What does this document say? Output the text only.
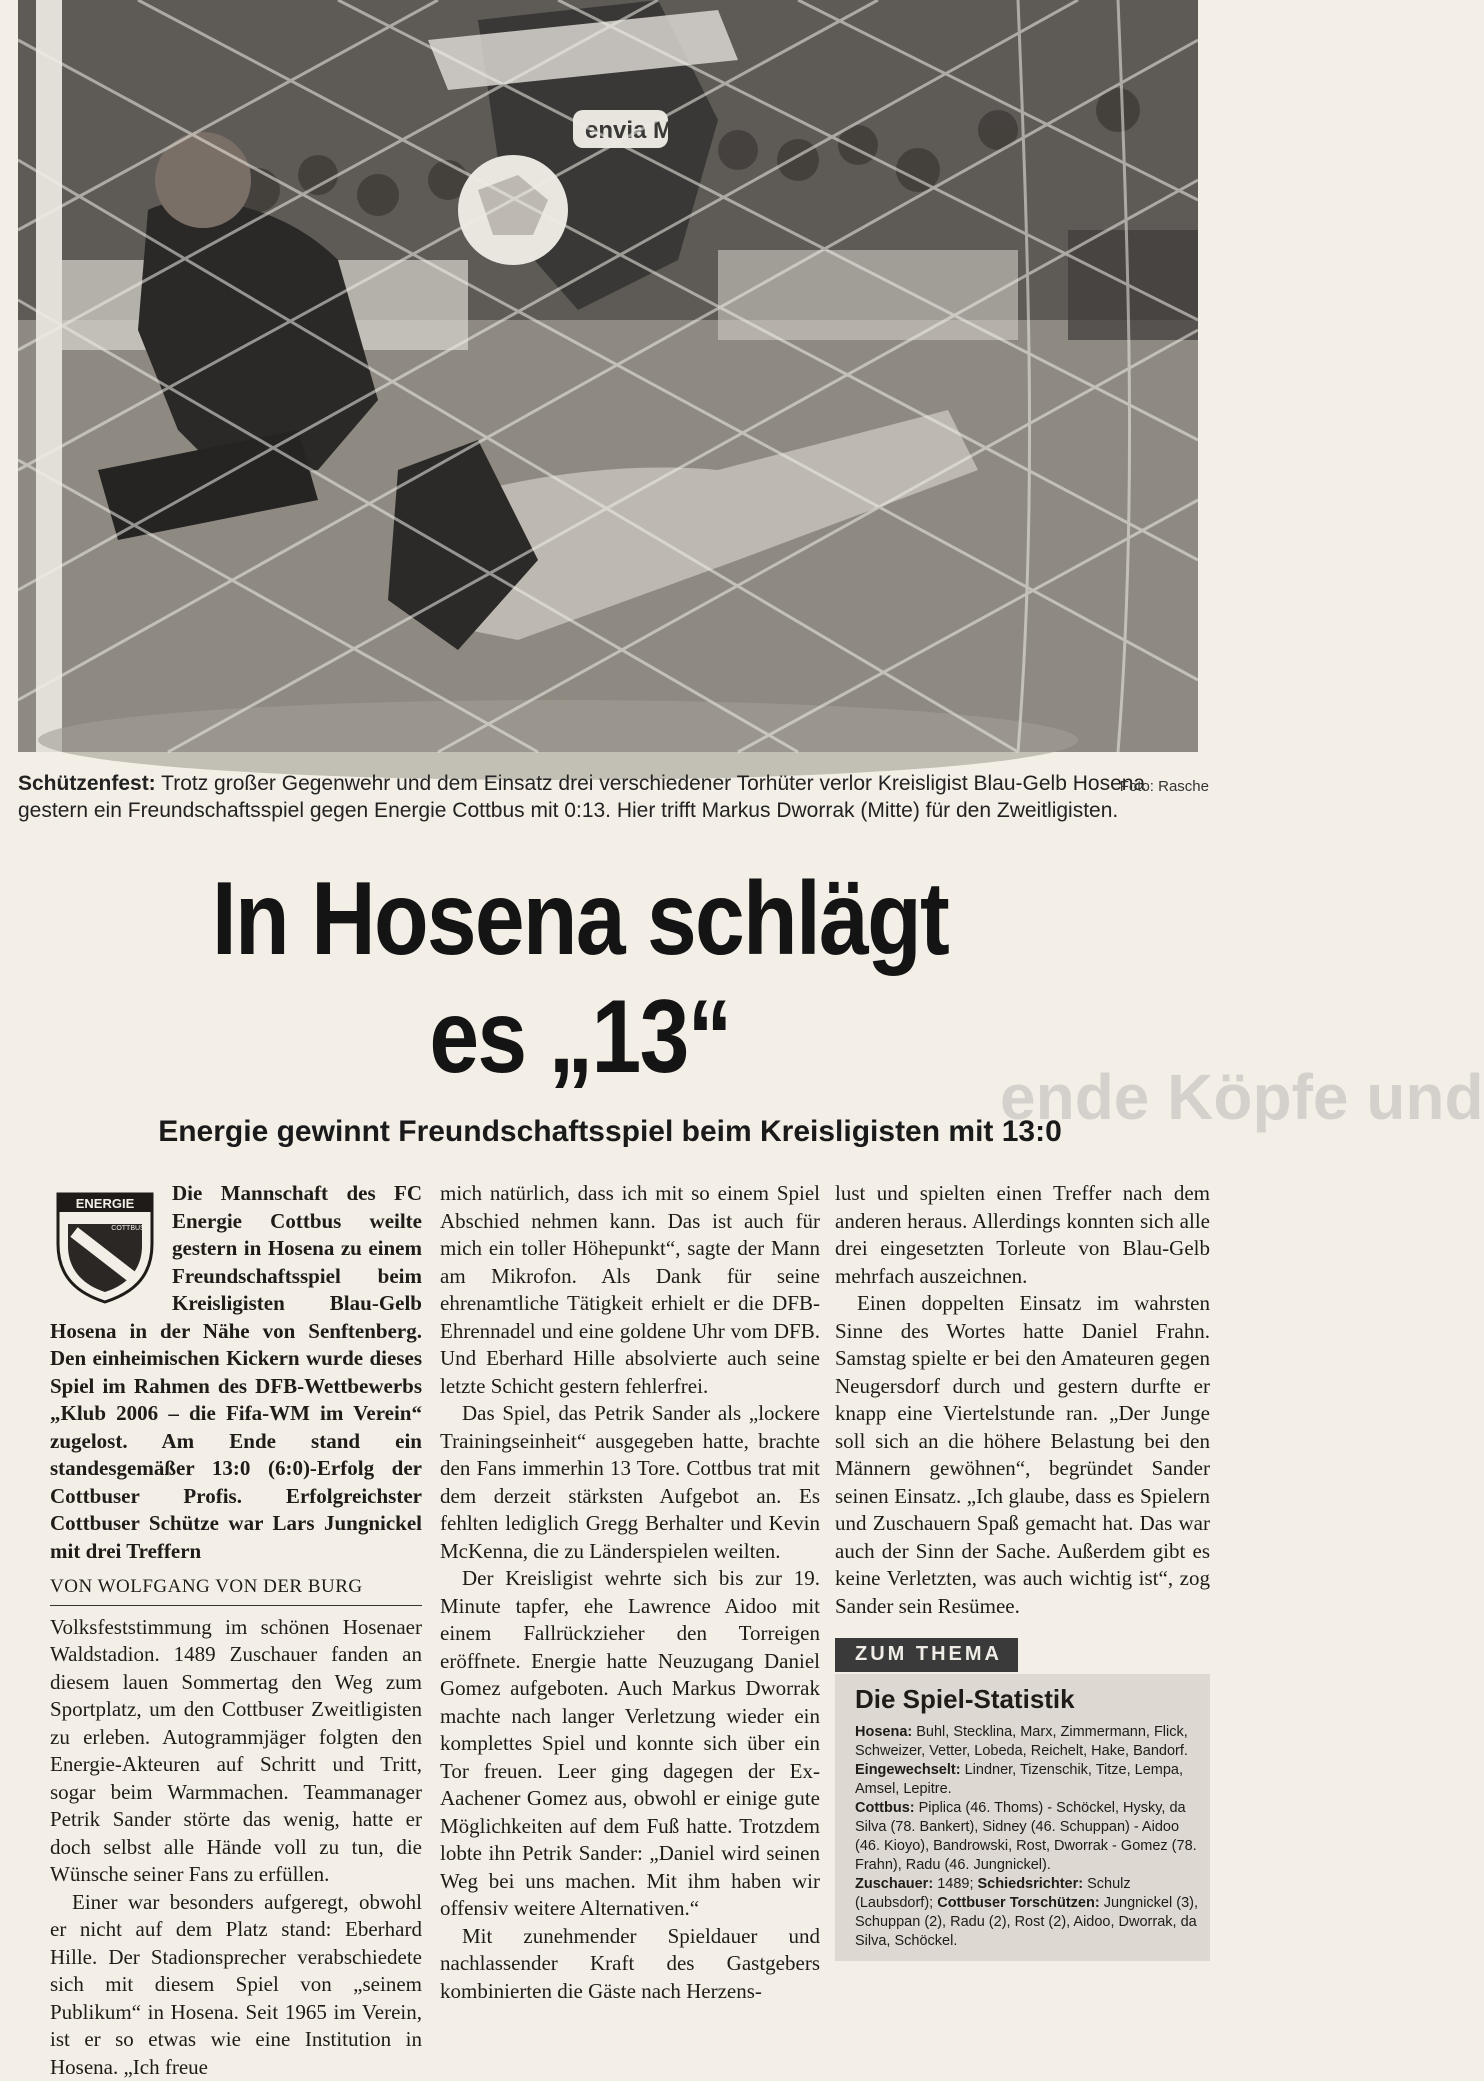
envia M
Schützenfest: Trotz großer Gegenwehr und dem Einsatz drei verschiedener Torhüter verlor Kreisligist Blau-Gelb Hosena gestern ein Freundschaftsspiel gegen Energie Cottbus mit 0:13. Hier trifft Markus Dworrak (Mitte) für den Zweitligisten.
Foto: Rasche
ende Köpfe und
In Hosena schlägt
es „13“
Energie gewinnt Freundschaftsspiel beim Kreisligisten mit 13:0
ENERGIE
COTTBUS
Die Mannschaft des FC Energie Cottbus weilte gestern in Hosena zu einem Freundschaftsspiel beim Kreisligisten Blau-Gelb Hosena in der Nähe von Senftenberg. Den einheimischen Kickern wurde dieses Spiel im Rahmen des DFB-Wettbewerbs „Klub 2006 – die Fifa-WM im Verein“ zugelost. Am Ende stand ein standesgemäßer 13:0 (6:0)-Erfolg der Cottbuser Profis. Erfolgreichster Cottbuser Schütze war Lars Jungnickel mit drei Treffern
VON WOLFGANG VON DER BURG

Volksfeststimmung im schönen Hosenaer Waldstadion. 1489 Zuschauer fanden an diesem lauen Sommertag den Weg zum Sportplatz, um den Cottbuser Zweitligisten zu erleben. Autogrammjäger folgten den Energie-Akteuren auf Schritt und Tritt, sogar beim Warmmachen. Teammanager Petrik Sander störte das wenig, hatte er doch selbst alle Hände voll zu tun, die Wünsche seiner Fans zu erfüllen.

Einer war besonders aufgeregt, obwohl er nicht auf dem Platz stand: Eberhard Hille. Der Stadionsprecher verabschiedete sich mit diesem Spiel von „seinem Publikum“ in Hosena. Seit 1965 im Verein, ist er so etwas wie eine Institution in Hosena. „Ich freue

mich natürlich, dass ich mit so einem Spiel Abschied nehmen kann. Das ist auch für mich ein toller Höhepunkt“, sagte der Mann am Mikrofon. Als Dank für seine ehrenamtliche Tätigkeit erhielt er die DFB-Ehrennadel und eine goldene Uhr vom DFB. Und Eberhard Hille absolvierte auch seine letzte Schicht gestern fehlerfrei.

Das Spiel, das Petrik Sander als „lockere Trainingseinheit“ ausgegeben hatte, brachte den Fans immerhin 13 Tore. Cottbus trat mit dem derzeit stärksten Aufgebot an. Es fehlten lediglich Gregg Berhalter und Kevin McKenna, die zu Länderspielen weilten.

Der Kreisligist wehrte sich bis zur 19. Minute tapfer, ehe Lawrence Aidoo mit einem Fallrückzieher den Torreigen eröffnete. Energie hatte Neuzugang Daniel Gomez aufgeboten. Auch Markus Dworrak machte nach langer Verletzung wieder ein komplettes Spiel und konnte sich über ein Tor freuen. Leer ging dagegen der Ex-Aachener Gomez aus, obwohl er einige gute Möglichkeiten auf dem Fuß hatte. Trotzdem lobte ihn Petrik Sander: „Daniel wird seinen Weg bei uns machen. Mit ihm haben wir offensiv weitere Alternativen.“

Mit zunehmender Spieldauer und nachlassender Kraft des Gastgebers kombinierten die Gäste nach Herzens-

lust und spielten einen Treffer nach dem anderen heraus. Allerdings konnten sich alle drei eingesetzten Torleute von Blau-Gelb mehrfach auszeichnen.

Einen doppelten Einsatz im wahrsten Sinne des Wortes hatte Daniel Frahn. Samstag spielte er bei den Amateuren gegen Neugersdorf durch und gestern durfte er knapp eine Viertelstunde ran. „Der Junge soll sich an die höhere Belastung bei den Männern gewöhnen“, begründet Sander seinen Einsatz. „Ich glaube, dass es Spielern und Zuschauern Spaß gemacht hat. Das war auch der Sinn der Sache. Außerdem gibt es keine Verletzten, was auch wichtig ist“, zog Sander sein Resümee.

ZUM THEMA
Die Spiel-Statistik
Hosena: Buhl, Stecklina, Marx, Zimmermann, Flick, Schweizer, Vetter, Lobeda, Reichelt, Hake, Bandorf.
Eingewechselt: Lindner, Tizenschik, Titze, Lempa, Amsel, Lepitre.
Cottbus: Piplica (46. Thoms) - Schöckel, Hysky, da Silva (78. Bankert), Sidney (46. Schuppan) - Aidoo (46. Kioyo), Bandrowski, Rost, Dworrak - Gomez (78. Frahn), Radu (46. Jungnickel).
Zuschauer: 1489; Schiedsrichter: Schulz (Laubsdorf); Cottbuser Torschützen: Jungnickel (3), Schuppan (2), Radu (2), Rost (2), Aidoo, Dworrak, da Silva, Schöckel.
